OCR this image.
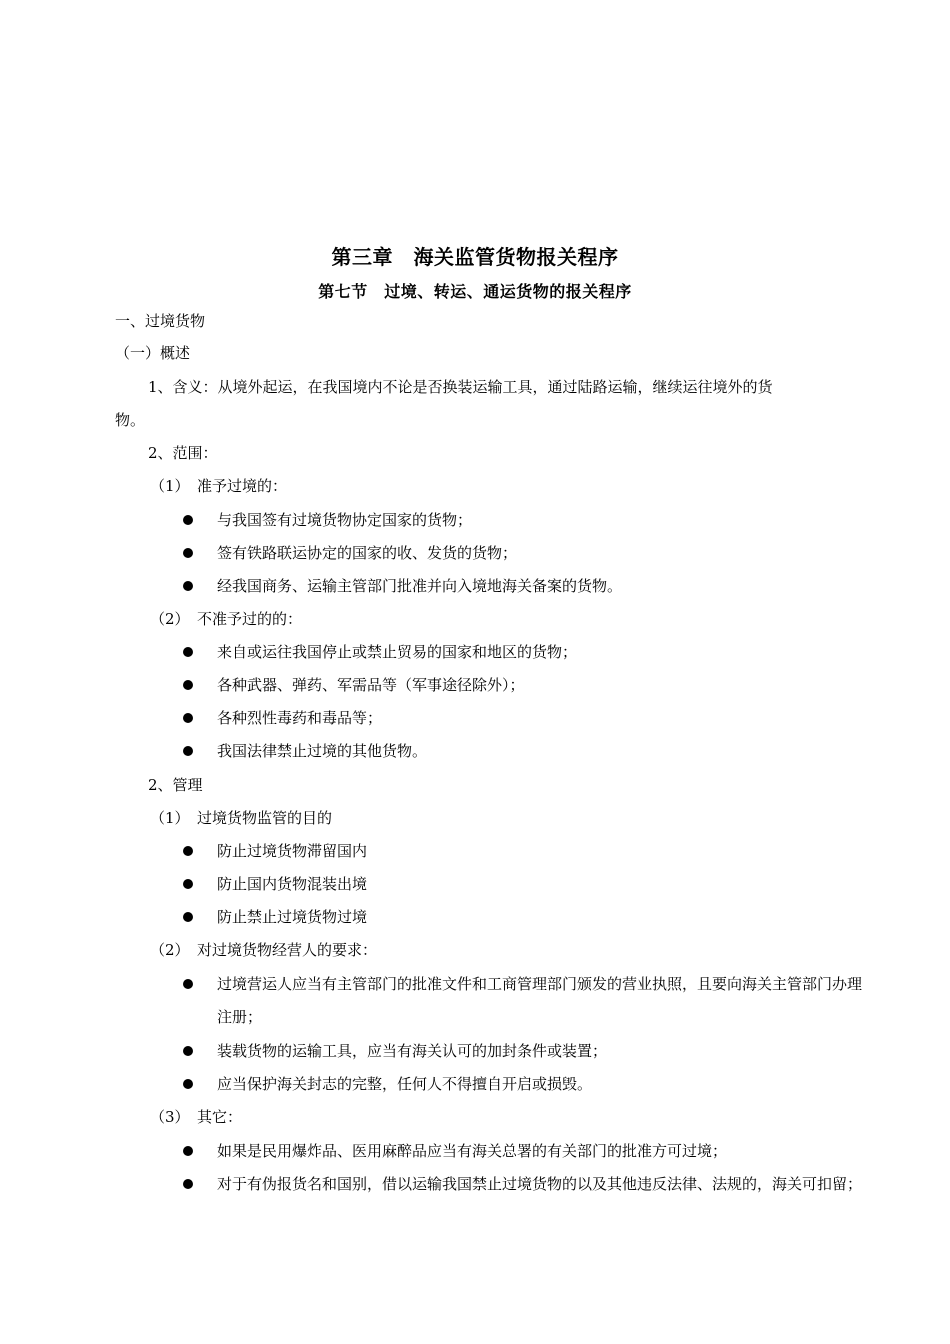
第三章　海关监管货物报关程序
第七节　过境、转运、通运货物的报关程序
一、过境货物
（一）概述
1、含义：从境外起运，在我国境内不论是否换装运输工具，通过陆路运输，继续运往境外的货
物。
2、范围：
（1）　准予过境的：
与我国签有过境货物协定国家的货物；
签有铁路联运协定的国家的收、发货的货物；
经我国商务、运输主管部门批准并向入境地海关备案的货物。
（2）　不准予过的的：
来自或运往我国停止或禁止贸易的国家和地区的货物；
各种武器、弹药、军需品等（军事途径除外）；
各种烈性毒药和毒品等；
我国法律禁止过境的其他货物。
2、管理
（1）　过境货物监管的目的
防止过境货物滞留国内
防止国内货物混装出境
防止禁止过境货物过境
（2）　对过境货物经营人的要求：
过境营运人应当有主管部门的批准文件和工商管理部门颁发的营业执照，且要向海关主管部门办理注册；
装载货物的运输工具，应当有海关认可的加封条件或装置；
应当保护海关封志的完整，任何人不得擅自开启或损毁。
（3）　其它：
如果是民用爆炸品、医用麻醉品应当有海关总署的有关部门的批准方可过境；
对于有伪报货名和国别，借以运输我国禁止过境货物的以及其他违反法律、法规的，海关可扣留；
